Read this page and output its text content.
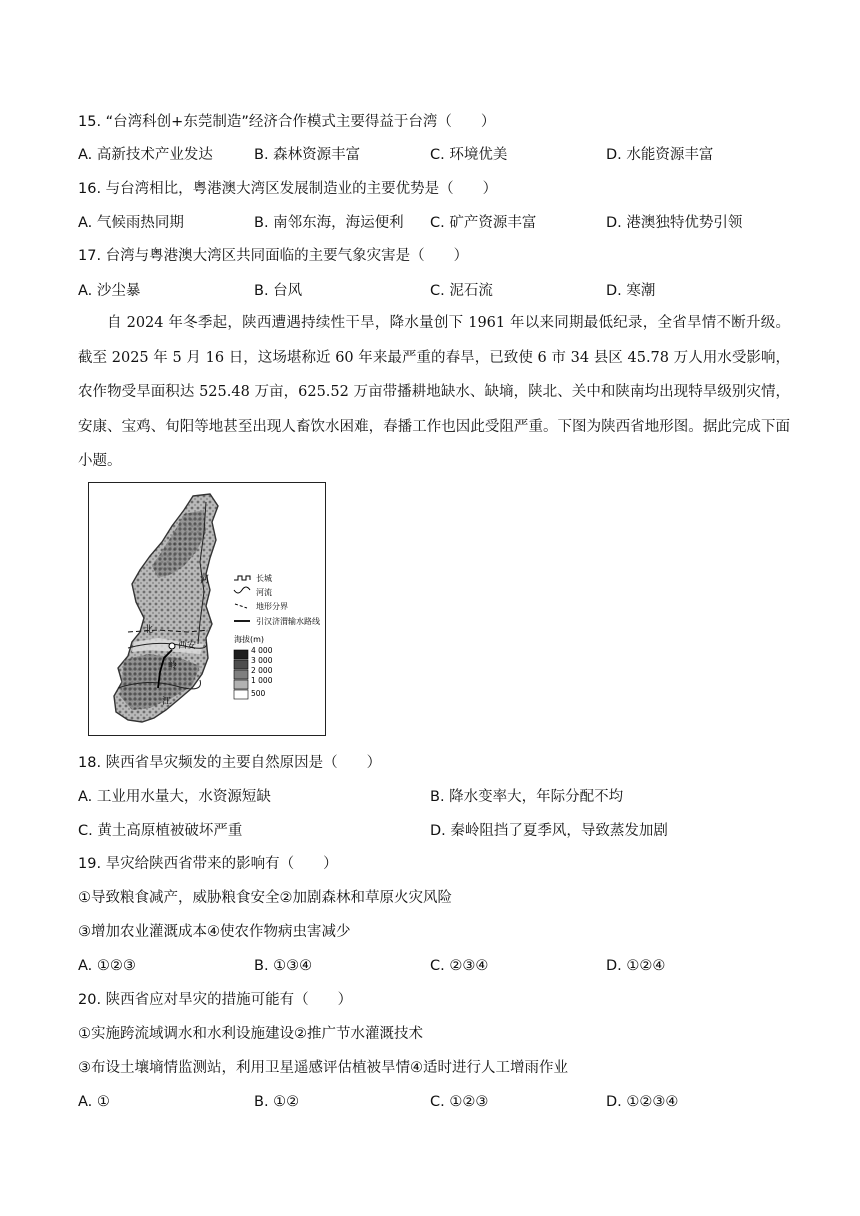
15. “台湾科创+东莞制造”经济合作模式主要得益于台湾（　　）
A. 高新技术产业发达	B. 森林资源丰富	C. 环境优美	D. 水能资源丰富
16. 与台湾相比，粤港澳大湾区发展制造业的主要优势是（　　）
A. 气候雨热同期	B. 南邻东海，海运便利 C. 矿产资源丰富	D. 港澳独特优势引领
17. 台湾与粤港澳大湾区共同面临的主要气象灾害是（　　）
A. 沙尘暴	B. 台风	C. 泥石流	D. 寒潮
自 2024 年冬季起，陕西遭遇持续性干旱，降水量创下 1961 年以来同期最低纪录，全省旱情不断升级。截至 2025 年 5 月 16 日，这场堪称近 60 年来最严重的春旱，已致使 6 市 34 县区 45.78 万人用水受影响，农作物受旱面积达 525.48 万亩，625.52 万亩带播耕地缺水、缺墒，陕北、关中和陕南均出现特旱级别灾情，安康、宝鸡、旬阳等地甚至出现人畜饮水困难，春播工作也因此受阻严重。下图为陕西省地形图。据此完成下面小题。
西安
北
河
岭
江
长城
河流
地形分界
引汉济渭输水路线
海拔(m)
4 000
3 000
2 000
1 000
500
18. 陕西省旱灾频发的主要自然原因是（　　）
A. 工业用水量大，水资源短缺	B. 降水变率大，年际分配不均
C. 黄土高原植被破坏严重	D. 秦岭阻挡了夏季风，导致蒸发加剧
19. 旱灾给陕西省带来的影响有（　　）
①导致粮食减产，威胁粮食安全②加剧森林和草原火灾风险
③增加农业灌溉成本④使农作物病虫害减少
A. ①②③	B. ①③④	C. ②③④	D. ①②④
20. 陕西省应对旱灾的措施可能有（　　）
①实施跨流域调水和水利设施建设②推广节水灌溉技术
③布设土壤墒情监测站，利用卫星遥感评估植被旱情④适时进行人工增雨作业
A. ①	B. ①②	C. ①②③	D. ①②③④
